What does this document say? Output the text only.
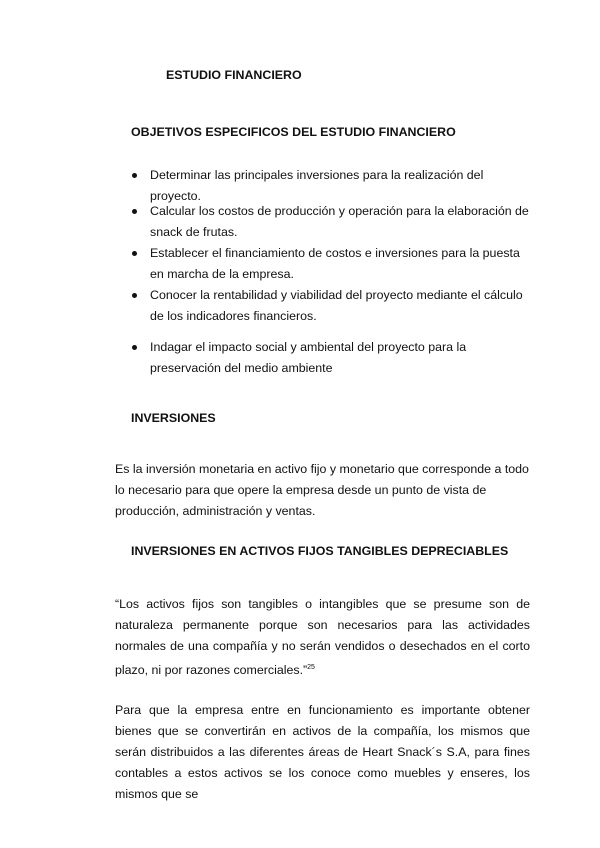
ESTUDIO FINANCIERO
OBJETIVOS ESPECIFICOS DEL ESTUDIO FINANCIERO
Determinar las principales inversiones para la realización del proyecto.
Calcular los costos de producción y operación para la elaboración de snack de frutas.
Establecer el financiamiento de costos e inversiones para la puesta en marcha de la empresa.
Conocer la rentabilidad y viabilidad del proyecto mediante el cálculo de los indicadores financieros.
Indagar el impacto social y ambiental del proyecto para la preservación del medio ambiente
INVERSIONES
Es la inversión monetaria en activo fijo y monetario que corresponde a todo lo necesario para que opere la empresa desde un punto de vista de producción, administración y ventas.
INVERSIONES EN ACTIVOS FIJOS TANGIBLES DEPRECIABLES
“Los activos fijos son tangibles o intangibles que se presume son de naturaleza permanente porque son necesarios para las actividades normales de una compañía y no serán vendidos o desechados en el corto plazo, ni por razones comerciales.”$^{25}$
Para que la empresa entre en funcionamiento es importante obtener bienes que se convertirán en activos de la compañía, los mismos que serán distribuidos a las diferentes áreas de Heart Snack´s S.A, para fines contables a estos activos se los conoce como muebles y enseres, los mismos que se
